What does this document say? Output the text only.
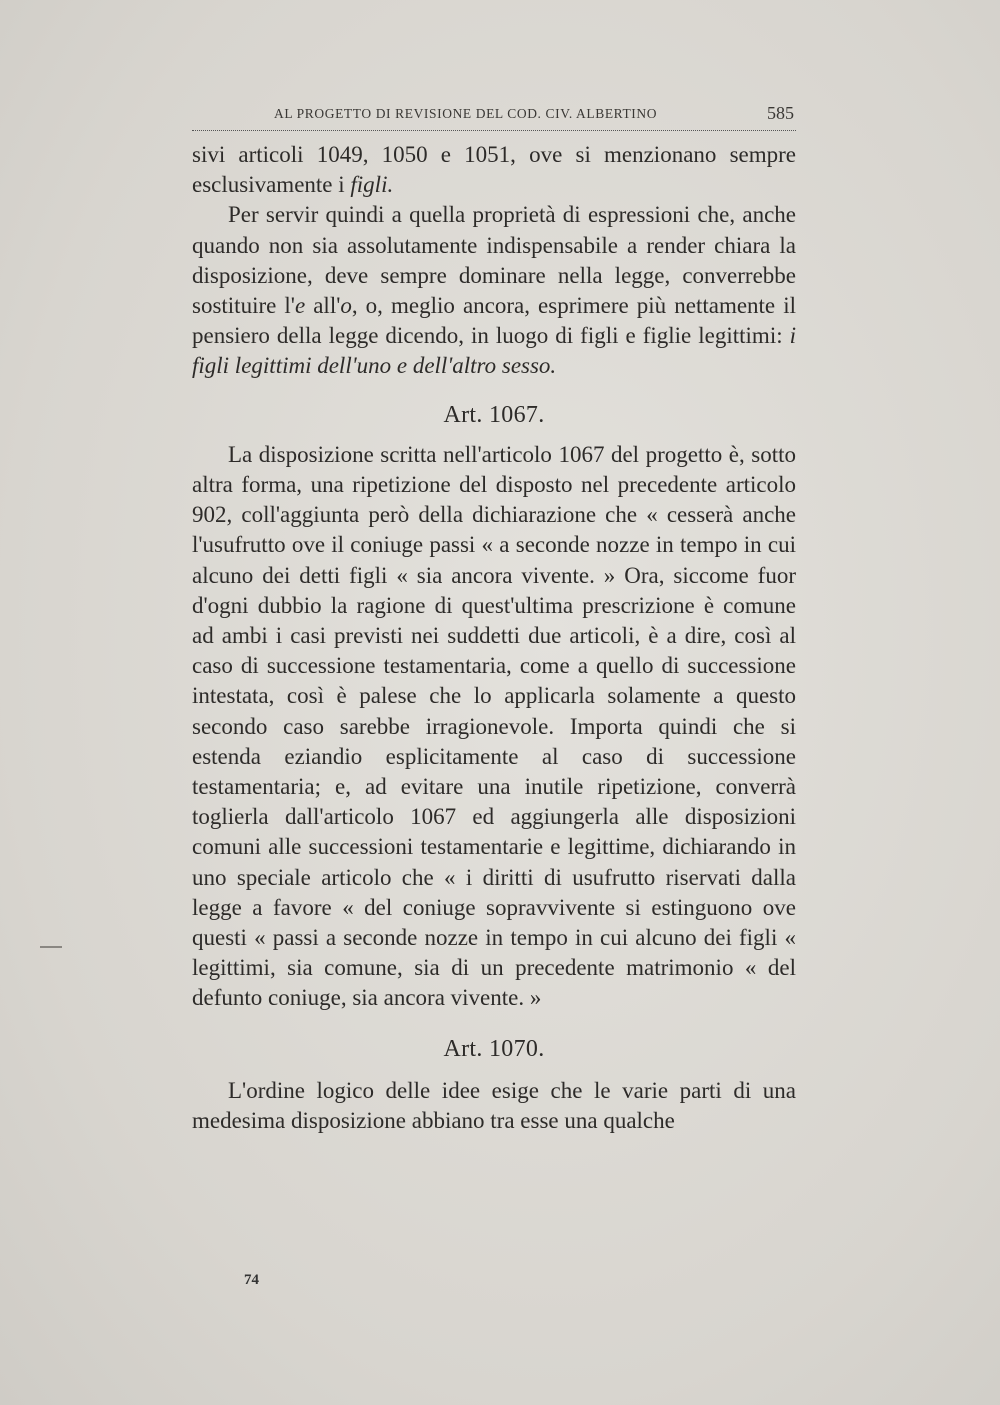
AL PROGETTO DI REVISIONE DEL COD. CIV. ALBERTINO	585

sivi articoli 1049, 1050 e 1051, ove si menzionano sempre esclusivamente i figli.

Per servir quindi a quella proprietà di espressioni che, anche quando non sia assolutamente indispensabile a render chiara la disposizione, deve sempre dominare nella legge, converrebbe sostituire l'e all'o, o, meglio ancora, esprimere più nettamente il pensiero della legge dicendo, in luogo di figli e figlie legittimi: i figli legittimi dell'uno e dell'altro sesso.

Art. 1067.

La disposizione scritta nell'articolo 1067 del progetto è, sotto altra forma, una ripetizione del disposto nel precedente articolo 902, coll'aggiunta però della dichiarazione che « cesserà anche l'usufrutto ove il coniuge passi « a seconde nozze in tempo in cui alcuno dei detti figli « sia ancora vivente. » Ora, siccome fuor d'ogni dubbio la ragione di quest'ultima prescrizione è comune ad ambi i casi previsti nei suddetti due articoli, è a dire, così al caso di successione testamentaria, come a quello di successione intestata, così è palese che lo applicarla solamente a questo secondo caso sarebbe irragionevole. Importa quindi che si estenda eziandio esplicitamente al caso di successione testamentaria; e, ad evitare una inutile ripetizione, converrà toglierla dall'articolo 1067 ed aggiungerla alle disposizioni comuni alle successioni testamentarie e legittime, dichiarando in uno speciale articolo che « i diritti di usufrutto riservati dalla legge a favore « del coniuge sopravvivente si estinguono ove questi « passi a seconde nozze in tempo in cui alcuno dei figli « legittimi, sia comune, sia di un precedente matrimonio « del defunto coniuge, sia ancora vivente. »

Art. 1070.

L'ordine logico delle idee esige che le varie parti di una medesima disposizione abbiano tra esse una qualche

74
